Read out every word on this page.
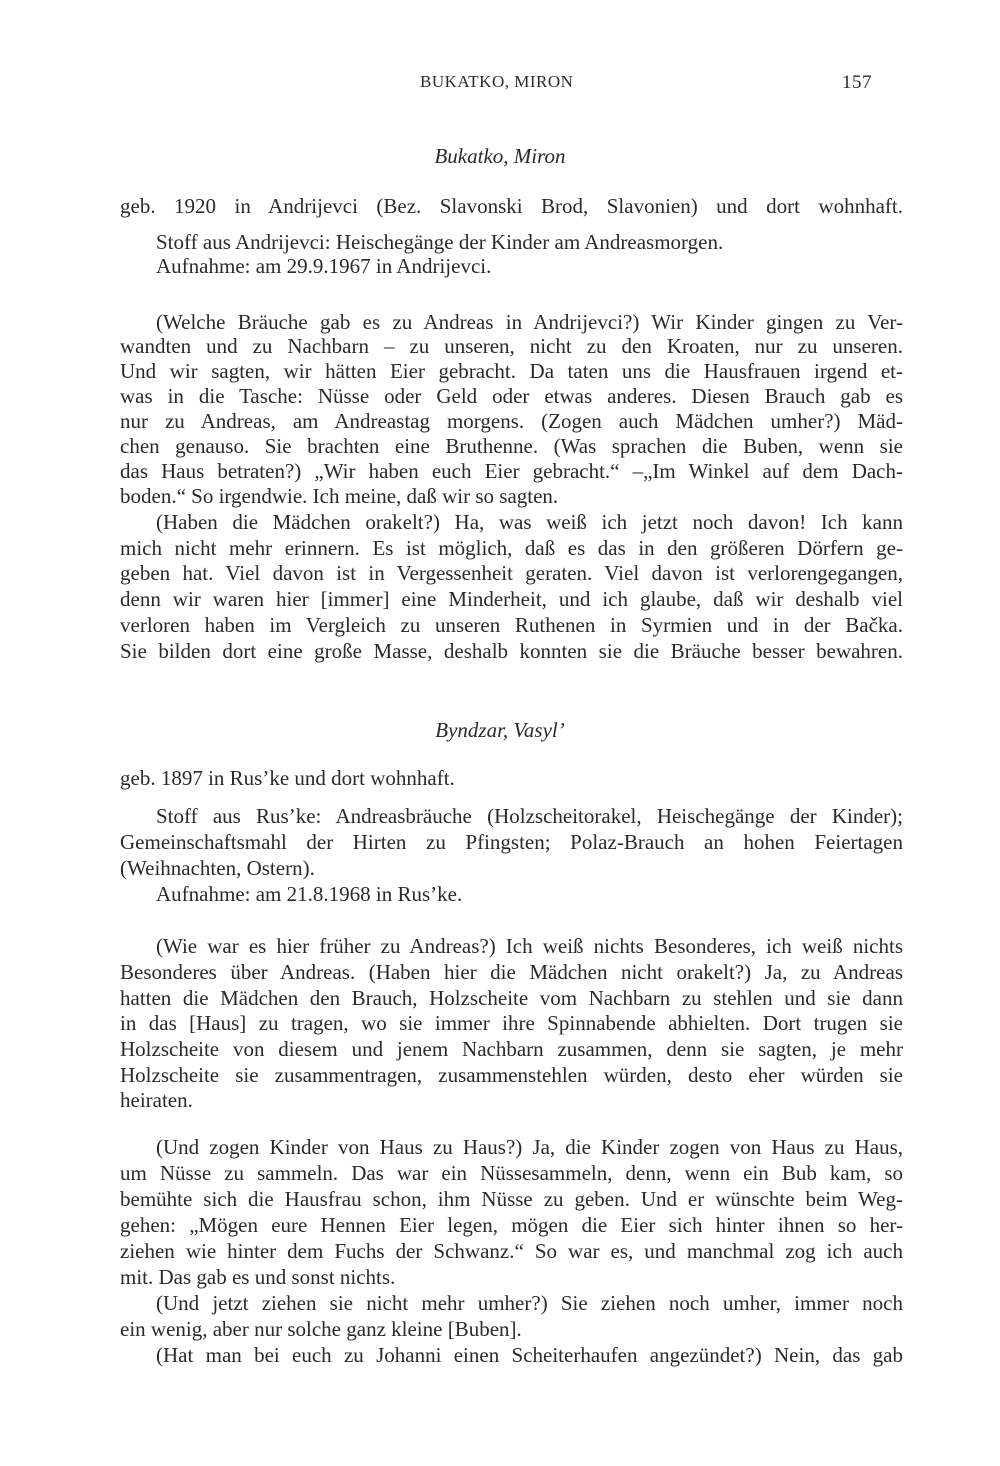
BUKATKO, MIRON	157
Bukatko, Miron
geb. 1920 in Andrijevci (Bez. Slavonski Brod, Slavonien) und dort wohnhaft.
Stoff aus Andrijevci: Heischegänge der Kinder am Andreasmorgen.
Aufnahme: am 29.9.1967 in Andrijevci.
(Welche Bräuche gab es zu Andreas in Andrijevci?) Wir Kinder gingen zu Ver-
wandten und zu Nachbarn – zu unseren, nicht zu den Kroaten, nur zu unseren.
Und wir sagten, wir hätten Eier gebracht. Da taten uns die Hausfrauen irgend et-
was in die Tasche: Nüsse oder Geld oder etwas anderes. Diesen Brauch gab es
nur zu Andreas, am Andreastag morgens. (Zogen auch Mädchen umher?) Mäd-
chen genauso. Sie brachten eine Bruthenne. (Was sprachen die Buben, wenn sie
das Haus betraten?) „Wir haben euch Eier gebracht.“ –„Im Winkel auf dem Dach-
boden.“ So irgendwie. Ich meine, daß wir so sagten.
(Haben die Mädchen orakelt?) Ha, was weiß ich jetzt noch davon! Ich kann
mich nicht mehr erinnern. Es ist möglich, daß es das in den größeren Dörfern ge-
geben hat. Viel davon ist in Vergessenheit geraten. Viel davon ist verlorengegangen,
denn wir waren hier [immer] eine Minderheit, und ich glaube, daß wir deshalb viel
verloren haben im Vergleich zu unseren Ruthenen in Syrmien und in der Bačka.
Sie bilden dort eine große Masse, deshalb konnten sie die Bräuche besser bewahren.
Byndzar, Vasyl’
geb. 1897 in Rus’ke und dort wohnhaft.
Stoff aus Rus’ke: Andreasbräuche (Holzscheitorakel, Heischegänge der Kinder);
Gemeinschaftsmahl der Hirten zu Pfingsten; Polaz-Brauch an hohen Feiertagen
(Weihnachten, Ostern).
Aufnahme: am 21.8.1968 in Rus’ke.
(Wie war es hier früher zu Andreas?) Ich weiß nichts Besonderes, ich weiß nichts
Besonderes über Andreas. (Haben hier die Mädchen nicht orakelt?) Ja, zu Andreas
hatten die Mädchen den Brauch, Holzscheite vom Nachbarn zu stehlen und sie dann
in das [Haus] zu tragen, wo sie immer ihre Spinnabende abhielten. Dort trugen sie
Holzscheite von diesem und jenem Nachbarn zusammen, denn sie sagten, je mehr
Holzscheite sie zusammentragen, zusammenstehlen würden, desto eher würden sie
heiraten.
(Und zogen Kinder von Haus zu Haus?) Ja, die Kinder zogen von Haus zu Haus,
um Nüsse zu sammeln. Das war ein Nüssesammeln, denn, wenn ein Bub kam, so
bemühte sich die Hausfrau schon, ihm Nüsse zu geben. Und er wünschte beim Weg-
gehen: „Mögen eure Hennen Eier legen, mögen die Eier sich hinter ihnen so her-
ziehen wie hinter dem Fuchs der Schwanz.“ So war es, und manchmal zog ich auch
mit. Das gab es und sonst nichts.
(Und jetzt ziehen sie nicht mehr umher?) Sie ziehen noch umher, immer noch
ein wenig, aber nur solche ganz kleine [Buben].
(Hat man bei euch zu Johanni einen Scheiterhaufen angezündet?) Nein, das gab
